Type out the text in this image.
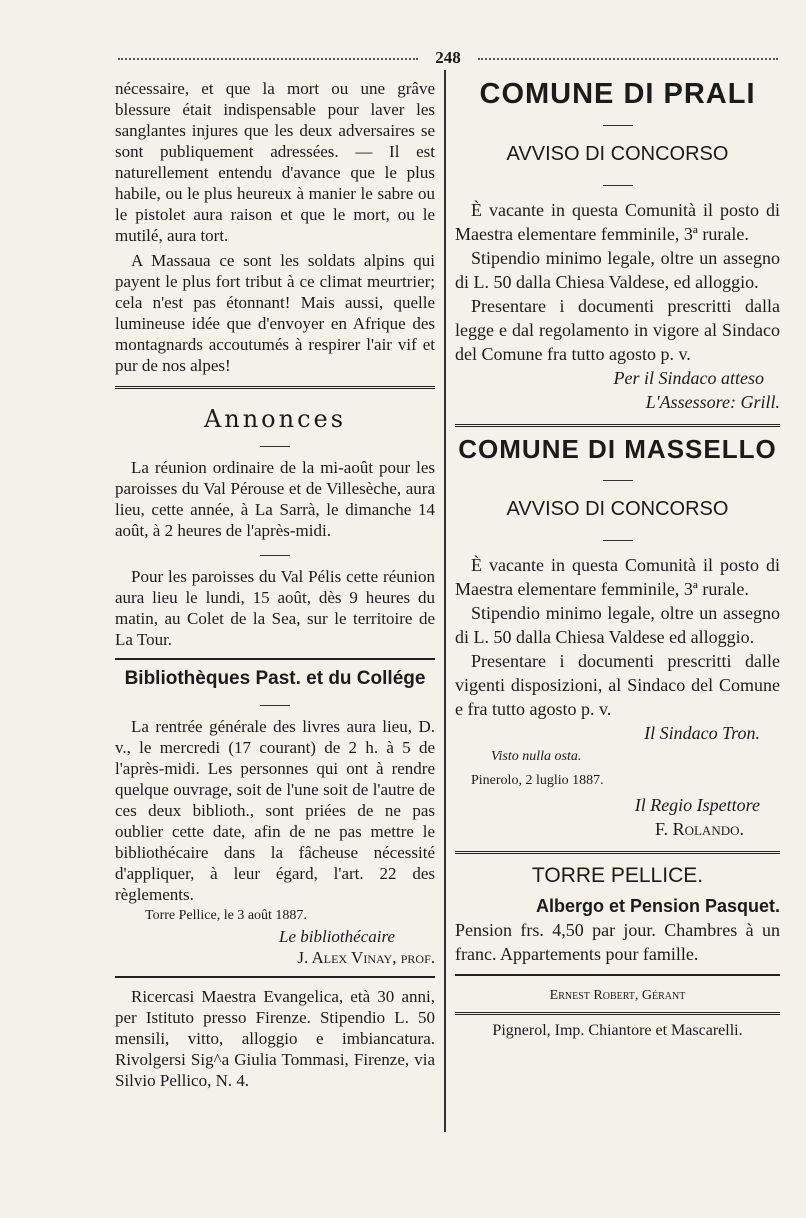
248

nécessaire, et que la mort ou une grâve blessure était indispensable pour laver les sanglantes injures que les deux adversaires se sont publiquement adressées. — Il est naturellement entendu d'avance que le plus habile, ou le plus heureux à manier le sabre ou le pistolet aura raison et que le mort, ou le mutilé, aura tort.

A Massaua ce sont les soldats alpins qui payent le plus fort tribut à ce climat meurtrier; cela n'est pas étonnant! Mais aussi, quelle lumineuse idée que d'envoyer en Afrique des montagnards accoutumés à respirer l'air vif et pur de nos alpes!

Annonces

La réunion ordinaire de la mi-août pour les paroisses du Val Pérouse et de Villesèche, aura lieu, cette année, à La Sarrà, le dimanche 14 août, à 2 heures de l'après-midi.

Pour les paroisses du Val Pélis cette réunion aura lieu le lundi, 15 août, dès 9 heures du matin, au Colet de la Sea, sur le territoire de La Tour.

Bibliothèques Past. et du Collége

La rentrée générale des livres aura lieu, D. v., le mercredi (17 courant) de 2 h. à 5 de l'après-midi. Les personnes qui ont à rendre quelque ouvrage, soit de l'une soit de l'autre de ces deux biblioth., sont priées de ne pas oublier cette date, afin de ne pas mettre le bibliothécaire dans la fâcheuse nécessité d'appliquer, à leur égard, l'art. 22 des règlements.

Torre Pellice, le 3 août 1887.

Le bibliothécaire

J. Alex Vinay, prof.

Ricercasi Maestra Evangelica, età 30 anni, per Istituto presso Firenze. Stipendio L. 50 mensili, vitto, alloggio e imbiancatura. Rivolgersi Sig^a Giulia Tommasi, Firenze, via Silvio Pellico, N. 4.

COMUNE DI PRALI
AVVISO DI CONCORSO

È vacante in questa Comunità il posto di Maestra elementare femminile, 3ª rurale.

Stipendio minimo legale, oltre un assegno di L. 50 dalla Chiesa Valdese, ed alloggio.

Presentare i documenti prescritti dalla legge e dal regolamento in vigore al Sindaco del Comune fra tutto agosto p. v.

Per il Sindaco atteso

L'Assessore: Grill.

COMUNE DI MASSELLO
AVVISO DI CONCORSO

È vacante in questa Comunità il posto di Maestra elementare femminile, 3ª rurale.

Stipendio minimo legale, oltre un assegno di L. 50 dalla Chiesa Valdese ed alloggio.

Presentare i documenti prescritti dalle vigenti disposizioni, al Sindaco del Comune e fra tutto agosto p. v.

Il Sindaco Tron.

Visto nulla osta.

Pinerolo, 2 luglio 1887.

Il Regio Ispettore

F. Rolando.

TORRE PELLICE.

Albergo et Pension Pasquet.

Pension frs. 4,50 par jour. Chambres à un franc. Appartements pour famille.

Ernest Robert, Gérant

Pignerol, Imp. Chiantore et Mascarelli.
